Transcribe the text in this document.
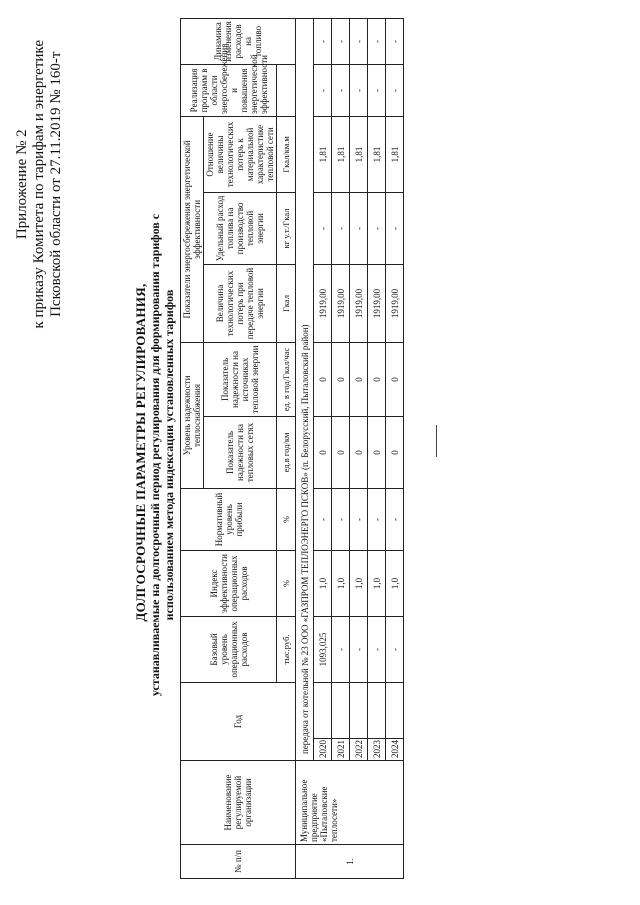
Приложение № 2 к приказу Комитета по тарифам и энергетике Псковской области от 27.11.2019 № 160-т
ДОЛГОСРОЧНЫЕ ПАРАМЕТРЫ РЕГУЛИРОВАНИЯ, устанавливаемые на долгосрочный период регулирования для формирования тарифов с использованием метода индексации установленных тарифов
№ п/п	Наименование регулируемой организации	Год		Базовый уровень операционных расходов	Индекс эффективности операционных расходов	Нормативный уровень прибыли	Уровень надежности теплоснабжения		Показатели энергосбережения энергетической эффективности			Реализация программ в области энергосбережения и повышения энергетической эффективности	Динамика изменения расходов на топливо
							Показатель надежности на тепловых сетях	Показатель надежности на источниках тепловой энергии	Величина технологических потерь при передаче тепловой энергии	Удельный расход топлива на производство тепловой энергии	Отношение величины технологических потерь к материальной характеристике тепловой сети		
				тыс.руб.	%	%	ед.в год/км	ед. в год/Гкал/час	Гкал	кг у.т./Гкал	Гкал/км.м		
1.	Муниципальное предприятие «Пыталовские теплосети»	передача от котельной № 23 ООО «ГАЗПРОМ ТЕПЛОЭНЕРГО ПСКОВ» (п. Белорусский, Пыталовский район)											
		2020		1093,025	1,0	-	0	0	1919,00	-	1,81	-	-
		2021		-	1,0	-	0	0	1919,00	-	1,81	-	-
		2022		-	1,0	-	0	0	1919,00	-	1,81	-	-
		2023		-	1,0	-	0	0	1919,00	-	1,81	-	-
		2024		-	1,0	-	0	0	1919,00	-	1,81	-	-
